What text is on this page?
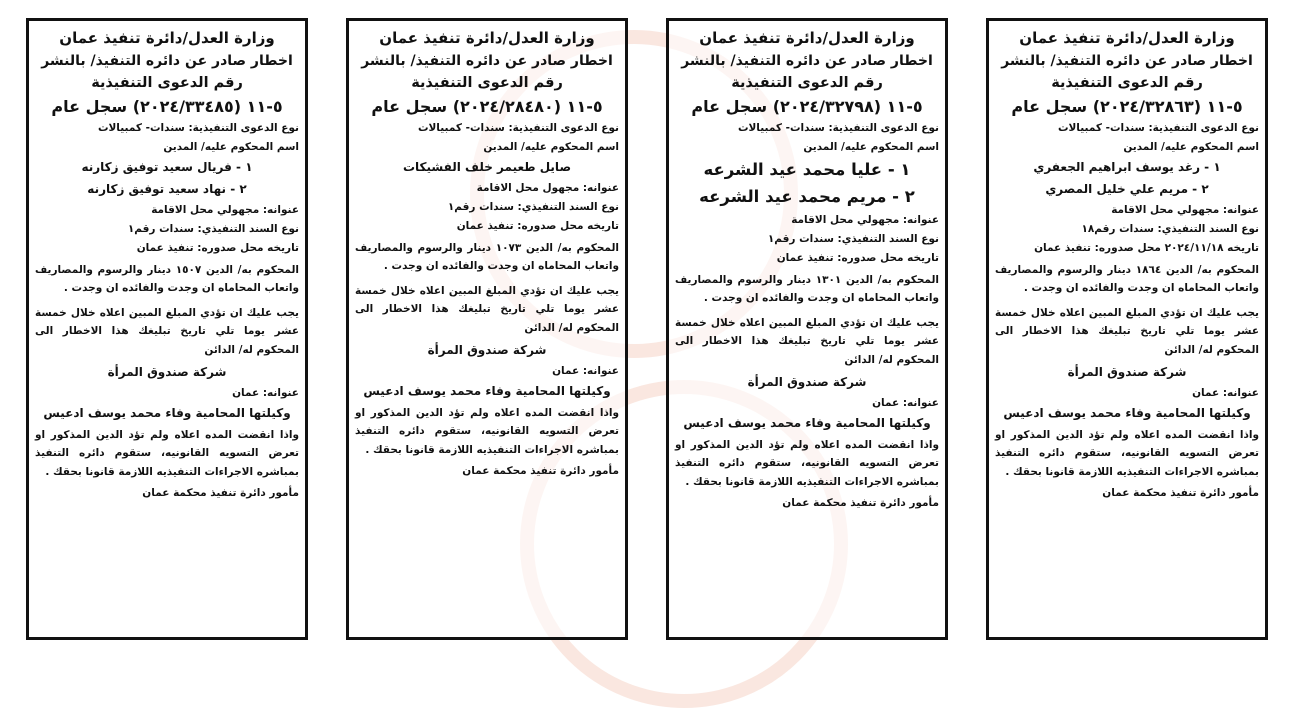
وزارة العدل/دائرة تنفيذ عمان
اخطار صادر عن دائره التنفيذ/ بالنشر
رقم الدعوى التنفيذية
٥-١١ (٢٠٢٤/٣٢٨٦٣) سجل عام
نوع الدعوى التنفيذية: سندات- كمبيالات
اسم المحكوم عليه/ المدين
١ - رغد يوسف ابراهيم الجعفري
٢ - مريم علي خليل المصري
عنوانه: مجهولي محل الاقامة
نوع السند التنفيذي: سندات رقم١٨
تاريخه ٢٠٢٤/١١/١٨ محل صدوره: تنفيذ عمان
المحكوم به/ الدين ١٨٦٤ دينار والرسوم والمصاريف واتعاب المحاماه ان وجدت والفائده ان وجدت .
يجب عليك ان تؤدي المبلغ المبين اعلاه خلال خمسة عشر يوما تلي تاريخ تبليغك هذا الاخطار الى المحكوم له/ الدائن
شركة صندوق المرأة
عنوانه: عمان
وكيلتها المحامية وفاء محمد يوسف ادعيس
واذا انقضت المده اعلاه ولم تؤد الدين المذكور او تعرض التسويه القانونيه، ستقوم دائره التنفيذ بمباشره الاجراءات التنفيذيه اللازمة قانونا بحقك .
مأمور دائرة تنفيذ محكمة عمان
وزارة العدل/دائرة تنفيذ عمان
اخطار صادر عن دائره التنفيذ/ بالنشر
رقم الدعوى التنفيذية
٥-١١ (٢٠٢٤/٣٢٧٩٨) سجل عام
نوع الدعوى التنفيذية: سندات- كمبيالات
اسم المحكوم عليه/ المدين
١ - عليا محمد عيد الشرعه
٢ - مريم محمد عيد الشرعه
عنوانه: مجهولي محل الاقامة
نوع السند التنفيذي: سندات رقم١
تاريخه محل صدوره: تنفيذ عمان
المحكوم به/ الدين ١٣٠١ دينار والرسوم والمصاريف واتعاب المحاماه ان وجدت والفائده ان وجدت .
يجب عليك ان تؤدي المبلغ المبين اعلاه خلال خمسة عشر يوما تلي تاريخ تبليغك هذا الاخطار الى المحكوم له/ الدائن
شركة صندوق المرأة
عنوانه: عمان
وكيلتها المحامية وفاء محمد يوسف ادعيس
واذا انقضت المده اعلاه ولم تؤد الدين المذكور او تعرض التسويه القانونيه، ستقوم دائره التنفيذ بمباشره الاجراءات التنفيذيه اللازمة قانونا بحقك .
مأمور دائرة تنفيذ محكمة عمان
وزارة العدل/دائرة تنفيذ عمان
اخطار صادر عن دائره التنفيذ/ بالنشر
رقم الدعوى التنفيذية
٥-١١ (٢٠٢٤/٢٨٤٨٠) سجل عام
نوع الدعوى التنفيذية: سندات- كمبيالات
اسم المحكوم عليه/ المدين
صايل طعيمر خلف الفشيكات
عنوانه: مجهول محل الاقامة
نوع السند التنفيذي: سندات رقم١
تاريخه محل صدوره: تنفيذ عمان
المحكوم به/ الدين ١٠٧٣ دينار والرسوم والمصاريف واتعاب المحاماه ان وجدت والفائده ان وجدت .
يجب عليك ان تؤدي المبلغ المبين اعلاه خلال خمسة عشر يوما تلي تاريخ تبليغك هذا الاخطار الى المحكوم له/ الدائن
شركة صندوق المرأة
عنوانه: عمان
وكيلتها المحامية وفاء محمد يوسف ادعيس
واذا انقضت المده اعلاه ولم تؤد الدين المذكور او تعرض التسويه القانونيه، ستقوم دائره التنفيذ بمباشره الاجراءات التنفيذيه اللازمة قانونا بحقك .
مأمور دائرة تنفيذ محكمة عمان
وزارة العدل/دائرة تنفيذ عمان
اخطار صادر عن دائره التنفيذ/ بالنشر
رقم الدعوى التنفيذية
٥-١١ (٢٠٢٤/٣٣٤٨٥) سجل عام
نوع الدعوى التنفيذية: سندات- كمبيالات
اسم المحكوم عليه/ المدين
١ - فريال سعيد توفيق زكارنه
٢ - نهاد سعيد توفيق زكارنه
عنوانه: مجهولي محل الاقامة
نوع السند التنفيذي: سندات رقم١
تاريخه محل صدوره: تنفيذ عمان
المحكوم به/ الدين ١٥٠٧ دينار والرسوم والمصاريف واتعاب المحاماه ان وجدت والفائده ان وجدت .
يجب عليك ان تؤدي المبلغ المبين اعلاه خلال خمسة عشر يوما تلي تاريخ تبليغك هذا الاخطار الى المحكوم له/ الدائن
شركة صندوق المرأة
عنوانه: عمان
وكيلتها المحامية وفاء محمد يوسف ادعيس
واذا انقضت المده اعلاه ولم تؤد الدين المذكور او تعرض التسويه القانونيه، ستقوم دائره التنفيذ بمباشره الاجراءات التنفيذيه اللازمة قانونا بحقك .
مأمور دائرة تنفيذ محكمة عمان
